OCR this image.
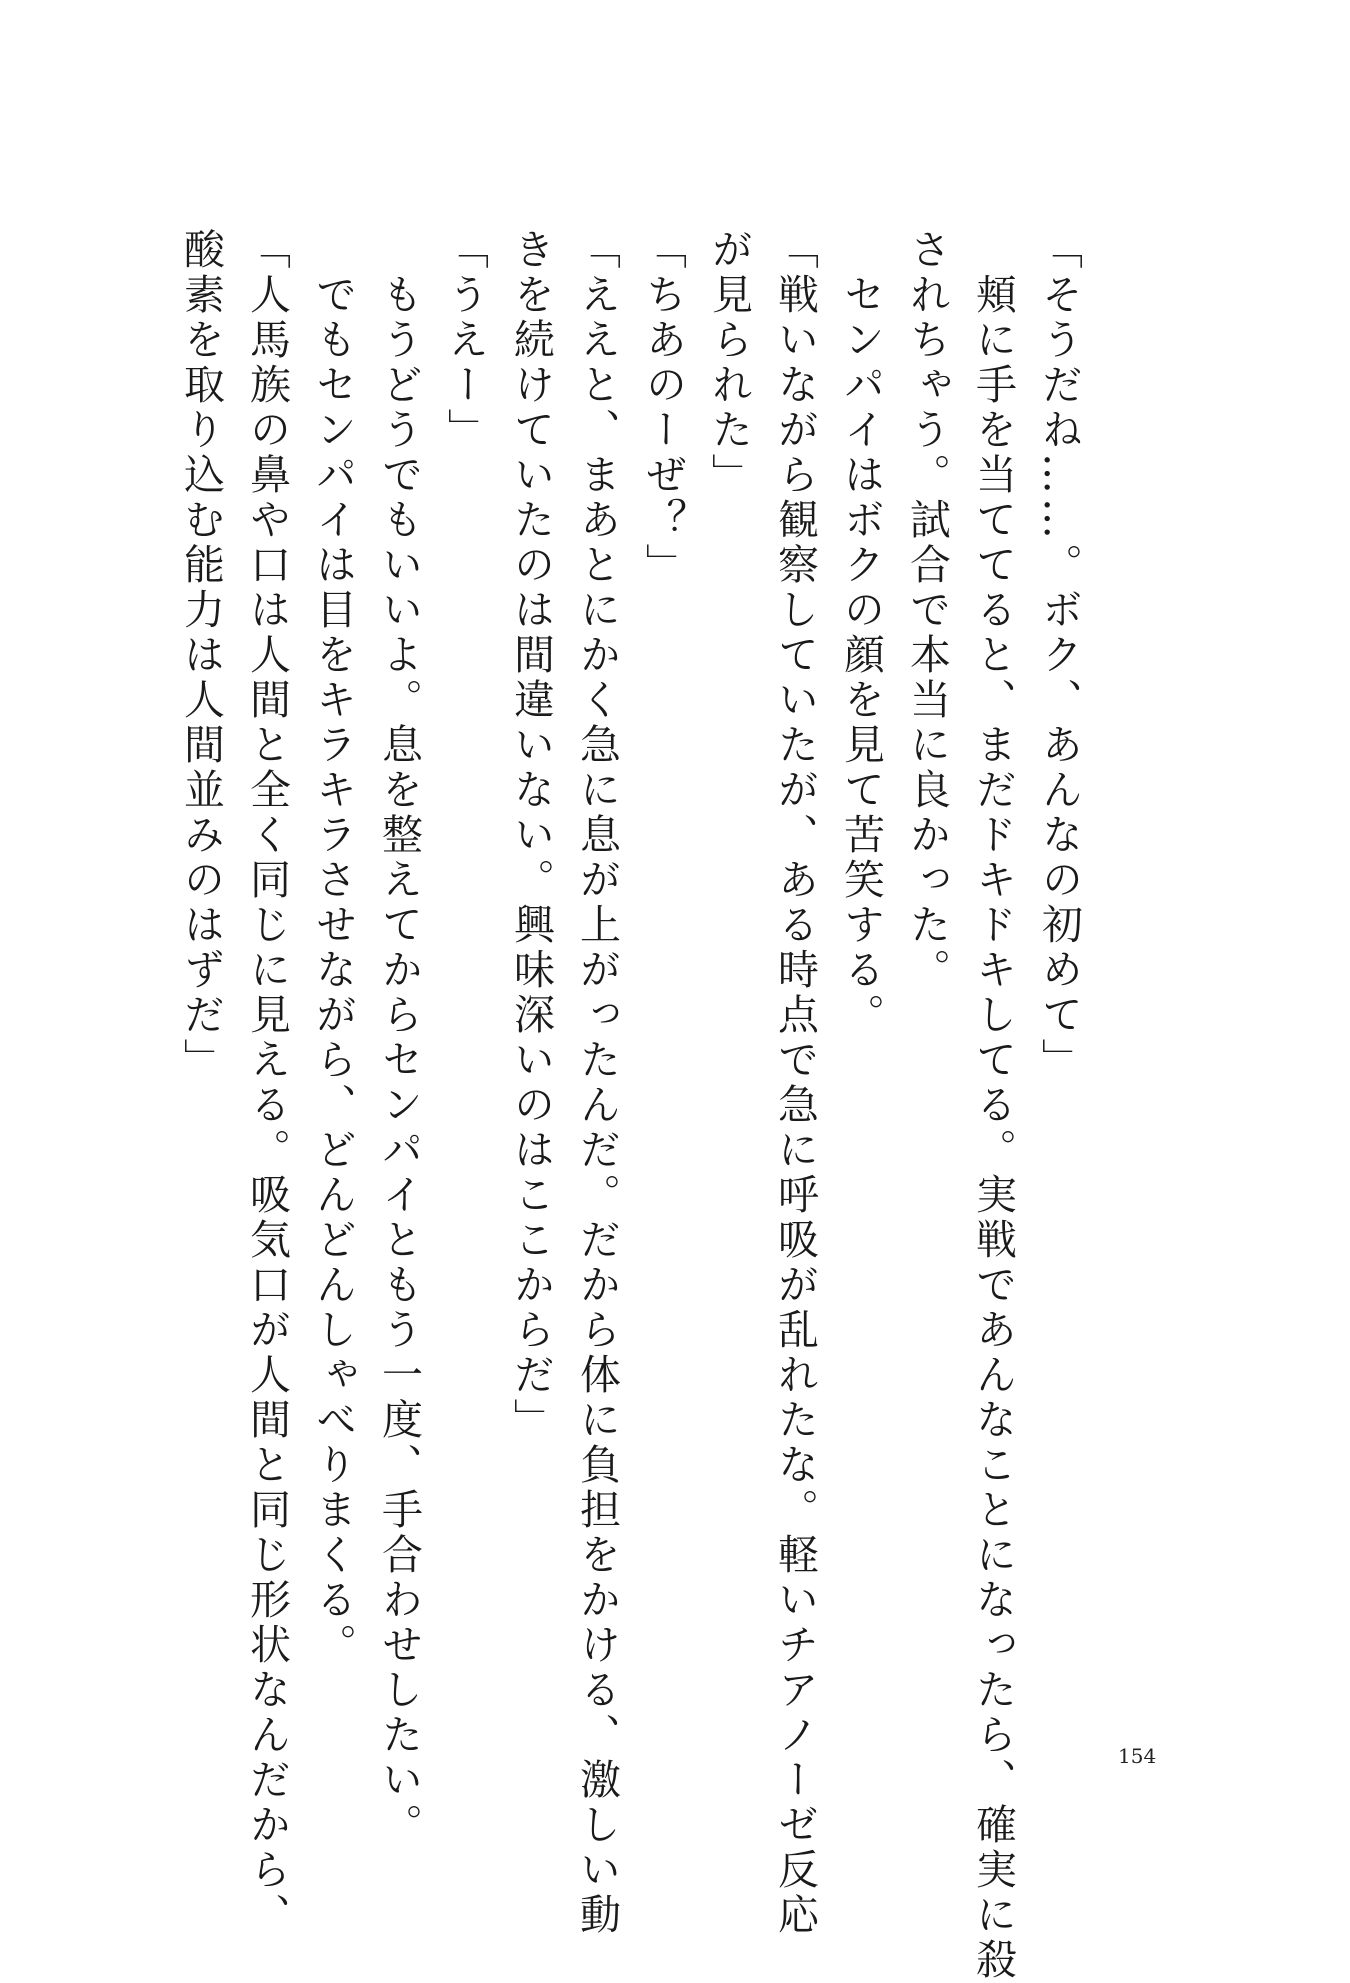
「そうだね……。ボク、あんなの初めて」
　頬に手を当ててると、まだドキドキしてる。実戦であんなことになったら、確実に殺
されちゃう。試合で本当に良かった。
　センパイはボクの顔を見て苦笑する。
「戦いながら観察していたが、ある時点で急に呼吸が乱れたな。軽いチアノーゼ反応
が見られた」
「ちあのーぜ？」
「ええと、まあとにかく急に息が上がったんだ。だから体に負担をかける、激しい動
きを続けていたのは間違いない。興味深いのはここからだ」
「うえー」
　もうどうでもいいよ。息を整えてからセンパイともう一度、手合わせしたい。
　でもセンパイは目をキラキラさせながら、どんどんしゃべりまくる。
「人馬族の鼻や口は人間と全く同じに見える。吸気口が人間と同じ形状なんだから、
酸素を取り込む能力は人間並みのはずだ」
154
